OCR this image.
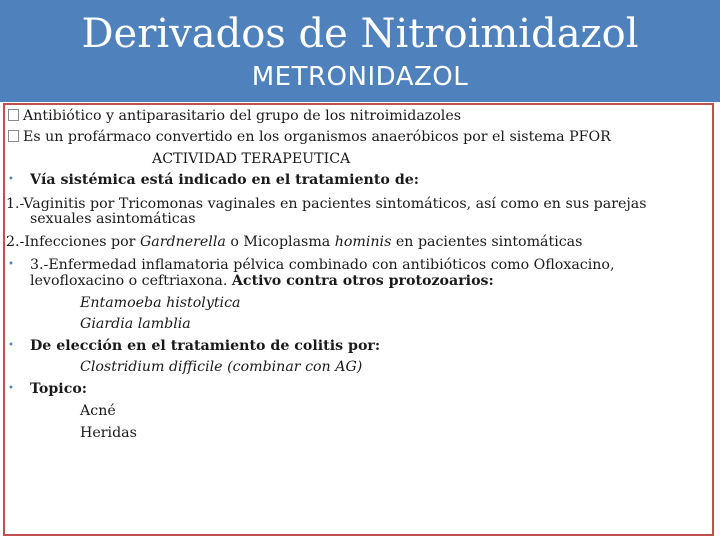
Derivados de Nitroimidazol
METRONIDAZOL
Antibiótico y antiparasitario del grupo de los nitroimidazoles
Es un profármaco convertido en los organismos anaeróbicos por el sistema PFOR
ACTIVIDAD TERAPEUTICA
• Vía sistémica está indicado en el tratamiento de:
1.-Vaginitis por Tricomonas vaginales en pacientes sintomáticos, así como en sus parejas
sexuales asintomáticas
2.-Infecciones por Gardnerella o Micoplasma hominis en pacientes sintomáticas
• 3.-Enfermedad inflamatoria pélvica combinado con antibióticos como Ofloxacino,
levofloxacino o ceftriaxona. Activo contra otros protozoarios:
Entamoeba histolytica
Giardia lamblia
• De elección en el tratamiento de colitis por:
Clostridium difficile (combinar con AG)
• Topico:
Acné
Heridas
